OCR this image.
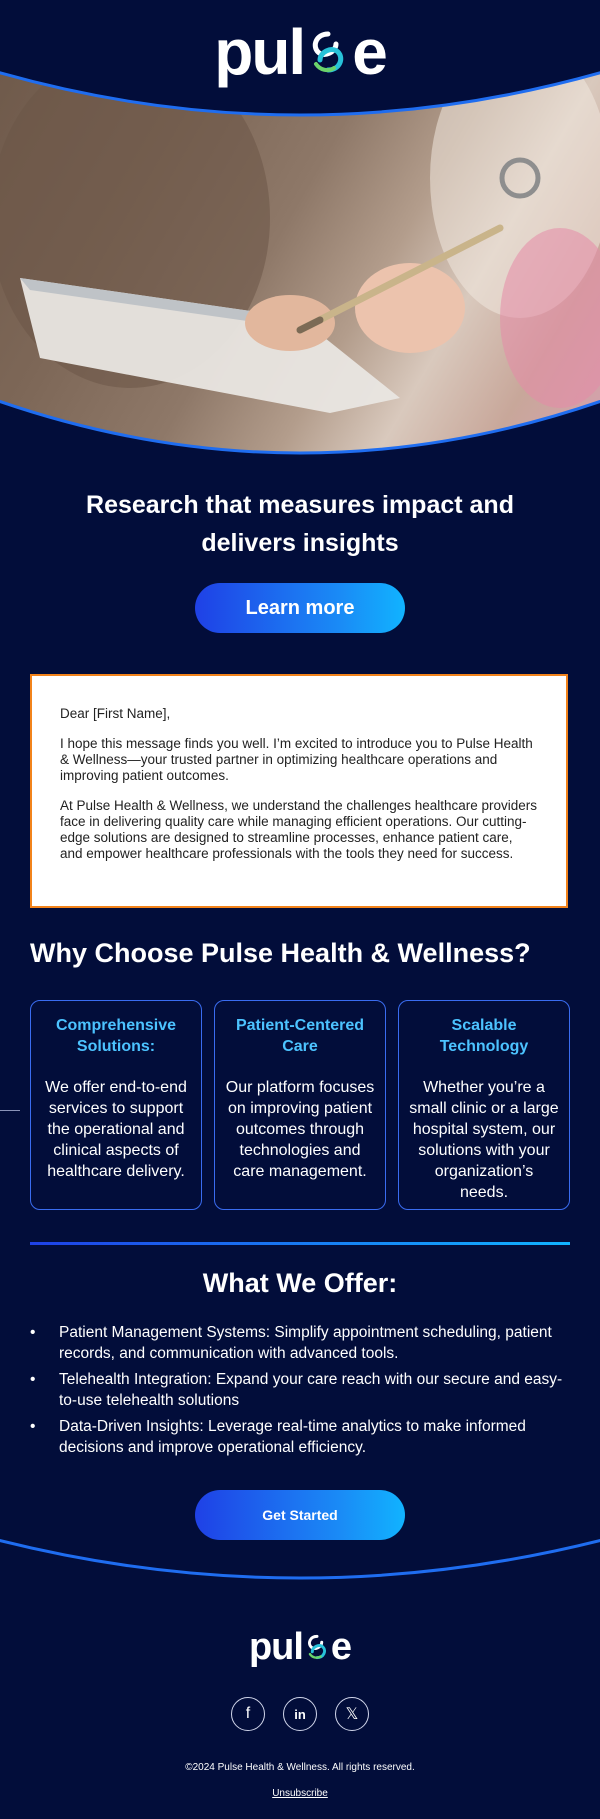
pul e
Research that measures impact and
delivers insights
Learn more

Dear [First Name],

I hope this message finds you well. I’m excited to introduce you to Pulse Health & Wellness—your trusted partner in optimizing healthcare operations and improving patient outcomes.

At Pulse Health & Wellness, we understand the challenges healthcare providers face in delivering quality care while managing efficient operations. Our cutting-edge solutions are designed to streamline processes, enhance patient care, and empower healthcare professionals with the tools they need for success.

Why Choose Pulse Health & Wellness?
Comprehensive Solutions:
We offer end-to-end services to support the operational and clinical aspects of healthcare delivery.
Patient-Centered Care
Our platform focuses on improving patient outcomes through technologies and care management.
Scalable Technology
Whether you’re a small clinic or a large hospital system, our solutions with your organization’s needs.
What We Offer:
• Patient Management Systems: Simplify appointment scheduling, patient records, and communication with advanced tools.
• Telehealth Integration: Expand your care reach with our secure and easy-to-use telehealth solutions
• Data-Driven Insights: Leverage real-time analytics to make informed decisions and improve operational efficiency.
Get Started
pul e
f	in 𝕏
©2024 Pulse Health & Wellness. All rights reserved.
Unsubscribe
